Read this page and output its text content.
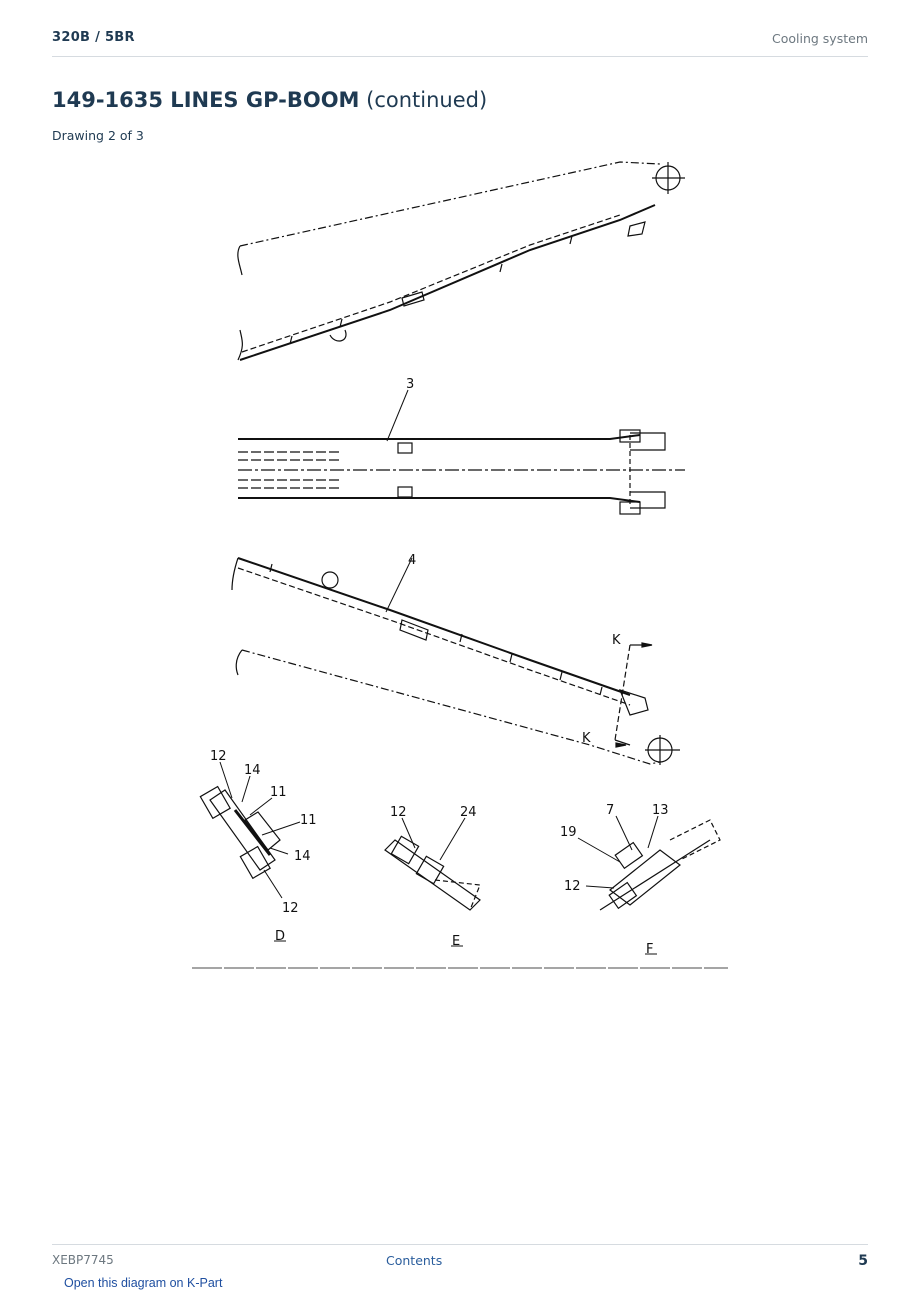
320B / 5BR	Cooling system
149-1635 LINES GP-BOOM (continued)
Drawing 2 of 3
3
4
K
K
12
14
11
11
14
12
12	24	7	13
19
12
D	E
F
XEBP7745	Contents	5
Open this diagram on K-Part
